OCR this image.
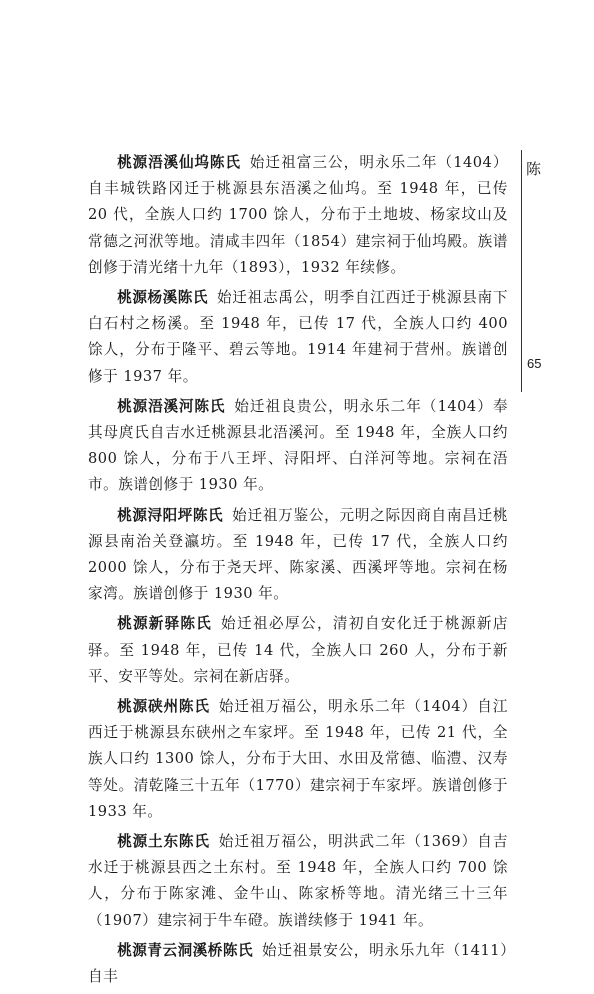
桃源浯溪仙坞陈氏 始迁祖富三公，明永乐二年（1404）自丰城铁路冈迁于桃源县东浯溪之仙坞。至 1948 年，已传 20 代，全族人口约 1700 馀人，分布于土地坡、杨家坟山及常德之河洑等地。清咸丰四年（1854）建宗祠于仙坞殿。族谱创修于清光绪十九年（1893），1932 年续修。

桃源杨溪陈氏 始迁祖志禹公，明季自江西迁于桃源县南下白石村之杨溪。至 1948 年，已传 17 代，全族人口约 400 馀人，分布于隆平、碧云等地。1914 年建祠于营州。族谱创修于 1937 年。

桃源浯溪河陈氏 始迁祖良贵公，明永乐二年（1404）奉其母庹氏自吉水迁桃源县北浯溪河。至 1948 年，全族人口约 800 馀人，分布于八王坪、浔阳坪、白洋河等地。宗祠在浯市。族谱创修于 1930 年。

桃源浔阳坪陈氏 始迁祖万鉴公，元明之际因商自南昌迁桃源县南治关登瀛坊。至 1948 年，已传 17 代，全族人口约 2000 馀人，分布于尧天坪、陈家溪、西溪坪等地。宗祠在杨家湾。族谱创修于 1930 年。

桃源新驿陈氏 始迁祖必厚公，清初自安化迁于桃源新店驿。至 1948 年，已传 14 代，全族人口 260 人，分布于新平、安平等处。宗祠在新店驿。

桃源硖州陈氏 始迁祖万福公，明永乐二年（1404）自江西迁于桃源县东硖州之车家坪。至 1948 年，已传 21 代，全族人口约 1300 馀人，分布于大田、水田及常德、临澧、汉寿等处。清乾隆三十五年（1770）建宗祠于车家坪。族谱创修于 1933 年。

桃源土东陈氏 始迁祖万福公，明洪武二年（1369）自吉水迁于桃源县西之土东村。至 1948 年，全族人口约 700 馀人，分布于陈家滩、金牛山、陈家桥等地。清光绪三十三年（1907）建宗祠于牛车磴。族谱续修于 1941 年。

桃源青云洞溪桥陈氏 始迁祖景安公，明永乐九年（1411）自丰

陈
65
